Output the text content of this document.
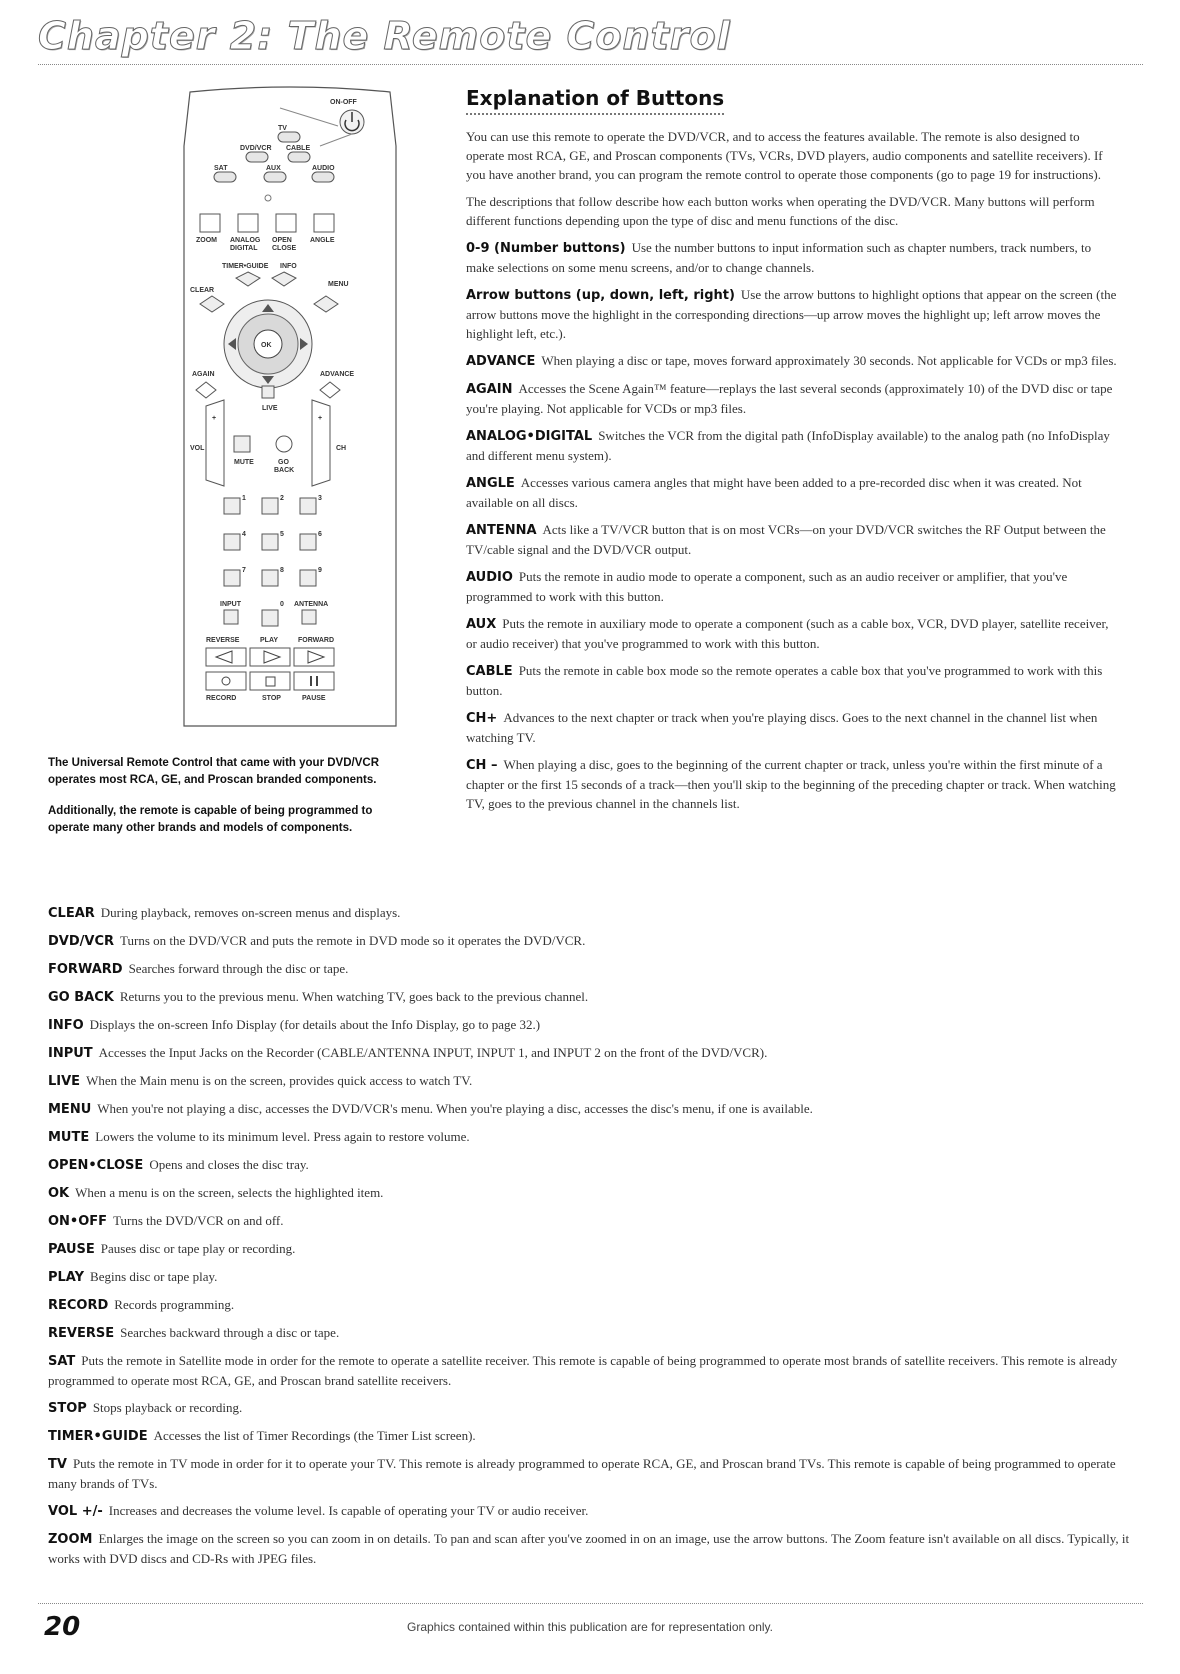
Chapter 2: The Remote Control
ON-OFF
TV
DVD/VCR CABLE
SAT	AUX	AUDIO
ZOOM ANALOG
DIGITAL
OPEN
CLOSE
ANGLE
TIMER•GUIDE INFO
CLEAR
MENU
OK
AGAIN	ADVANCE
LIVE
+	+
VOL	CH
MUTE	GO
BACK
1	2	3
4	5	6
7	8	9
INPUT	0 ANTENNA
REVERSE	PLAY	FORWARD
RECORD	STOP	PAUSE

The Universal Remote Control that came with your DVD/VCR operates most RCA, GE, and Proscan branded components.

Additionally, the remote is capable of being programmed to operate many other brands and models of components.

Explanation of Buttons

You can use this remote to operate the DVD/VCR, and to access the features available. The remote is also designed to operate most RCA, GE, and Proscan components (TVs, VCRs, DVD players, audio components and satellite receivers). If you have another brand, you can program the remote control to operate those components (go to page 19 for instructions).

The descriptions that follow describe how each button works when operating the DVD/VCR. Many buttons will perform different functions depending upon the type of disc and menu functions of the disc.

0-9 (Number buttons) Use the number buttons to input information such as chapter numbers, track numbers, to make selections on some menu screens, and/or to change channels.

Arrow buttons (up, down, left, right) Use the arrow buttons to highlight options that appear on the screen (the arrow buttons move the highlight in the corresponding directions—up arrow moves the highlight up; left arrow moves the highlight left, etc.).

ADVANCE When playing a disc or tape, moves forward approximately 30 seconds. Not applicable for VCDs or mp3 files.

AGAIN Accesses the Scene Again™ feature—replays the last several seconds (approximately 10) of the DVD disc or tape you're playing. Not applicable for VCDs or mp3 files.

ANALOG•DIGITAL Switches the VCR from the digital path (InfoDisplay available) to the analog path (no InfoDisplay and different menu system).

ANGLE Accesses various camera angles that might have been added to a pre-recorded disc when it was created. Not available on all discs.

ANTENNA Acts like a TV/VCR button that is on most VCRs—on your DVD/VCR switches the RF Output between the TV/cable signal and the DVD/VCR output.

AUDIO Puts the remote in audio mode to operate a component, such as an audio receiver or amplifier, that you've programmed to work with this button.

AUX Puts the remote in auxiliary mode to operate a component (such as a cable box, VCR, DVD player, satellite receiver, or audio receiver) that you've programmed to work with this button.

CABLE Puts the remote in cable box mode so the remote operates a cable box that you've programmed to work with this button.

CH+ Advances to the next chapter or track when you're playing discs. Goes to the next channel in the channel list when watching TV.

CH – When playing a disc, goes to the beginning of the current chapter or track, unless you're within the first minute of a chapter or the first 15 seconds of a track—then you'll skip to the beginning of the preceding chapter or track. When watching TV, goes to the previous channel in the channels list.

CLEAR During playback, removes on-screen menus and displays.

DVD/VCR Turns on the DVD/VCR and puts the remote in DVD mode so it operates the DVD/VCR.

FORWARD Searches forward through the disc or tape.

GO BACK Returns you to the previous menu. When watching TV, goes back to the previous channel.

INFO Displays the on-screen Info Display (for details about the Info Display, go to page 32.)

INPUT Accesses the Input Jacks on the Recorder (CABLE/ANTENNA INPUT, INPUT 1, and INPUT 2 on the front of the DVD/VCR).

LIVE When the Main menu is on the screen, provides quick access to watch TV.

MENU When you're not playing a disc, accesses the DVD/VCR's menu. When you're playing a disc, accesses the disc's menu, if one is available.

MUTE Lowers the volume to its minimum level. Press again to restore volume.

OPEN•CLOSE Opens and closes the disc tray.

OK When a menu is on the screen, selects the highlighted item.

ON•OFF Turns the DVD/VCR on and off.

PAUSE Pauses disc or tape play or recording.

PLAY Begins disc or tape play.

RECORD Records programming.

REVERSE Searches backward through a disc or tape.

SAT Puts the remote in Satellite mode in order for the remote to operate a satellite receiver. This remote is capable of being programmed to operate most brands of satellite receivers. This remote is already programmed to operate most RCA, GE, and Proscan brand satellite receivers.

STOP Stops playback or recording.

TIMER•GUIDE Accesses the list of Timer Recordings (the Timer List screen).

TV Puts the remote in TV mode in order for it to operate your TV. This remote is already programmed to operate RCA, GE, and Proscan brand TVs. This remote is capable of being programmed to operate many brands of TVs.

VOL +/- Increases and decreases the volume level. Is capable of operating your TV or audio receiver.

ZOOM Enlarges the image on the screen so you can zoom in on details. To pan and scan after you've zoomed in on an image, use the arrow buttons. The Zoom feature isn't available on all discs. Typically, it works with DVD discs and CD-Rs with JPEG files.

20	Graphics contained within this publication are for representation only.
